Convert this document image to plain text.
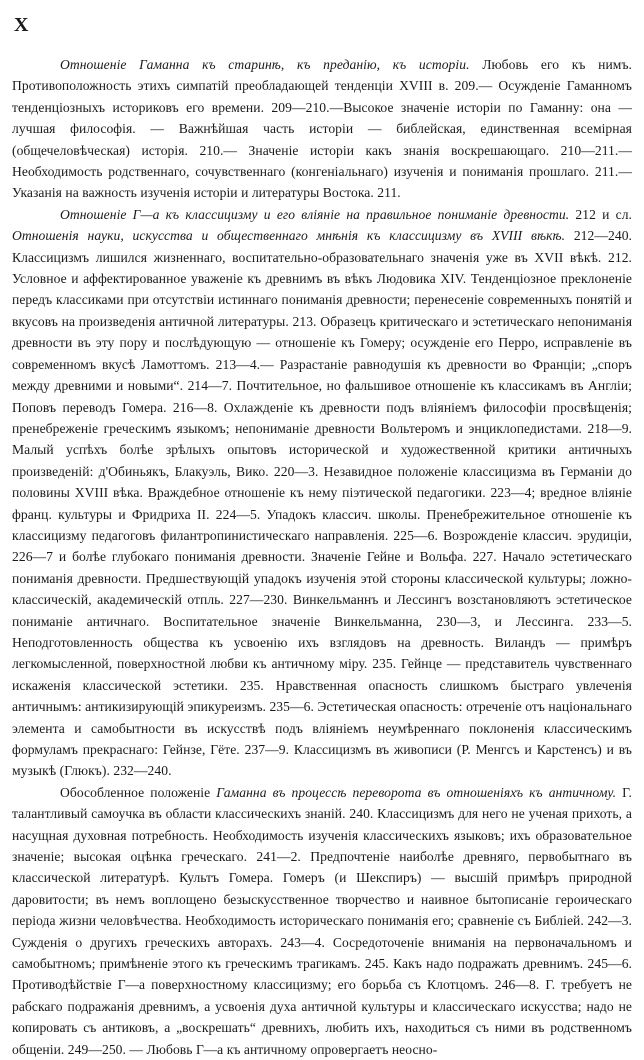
X

Отношеніе Гаманна къ старинѣ, къ преданію, къ исторіи. Любовь его къ нимъ. Противоположность этихъ симпатій преобладающей тенденціи XVIII в. 209.— Осужденіе Гаманномъ тенденціозныхъ историковъ его времени. 209—210.—Высокое значеніе исторіи по Гаманну: она — лучшая философія. — Важнѣйшая часть исторіи — библейская, единственная всемірная (общечеловѣческая) исторія. 210.— Значеніе исторіи какъ знанія воскрешающаго. 210—211.— Необходимость родственнаго, сочувственнаго (конгеніальнаго) изученія и пониманія прошлаго. 211.—Указанія на важность изученія исторіи и литературы Востока. 211.

Отношеніе Г—а къ классицизму и его вліяніе на правильное пониманіе древности. 212 и сл. Отношенія науки, искусства и общественнаго мнѣнія къ классицизму въ XVIII вѣкѣ. 212—240. Классицизмъ лишился жизненнаго, воспитательно-образовательнаго значенія уже въ XVII вѣкѣ. 212. Условное и аффектированное уваженіе къ древнимъ въ вѣкъ Людовика XIV. Тенденціозное преклоненіе передъ классиками при отсутствіи истиннаго пониманія древности; перенесеніе современныхъ понятій и вкусовъ на произведенія античной литературы. 213. Образецъ критическаго и эстетическаго непониманія древности въ эту пору и послѣдующую — отношеніе къ Гомеру; осужденіе его Перро, исправленіе въ современномъ вкусѣ Ламоттомъ. 213—4.— Разрастаніе равнодушія къ древности во Франціи; „споръ между древними и новыми“. 214—7. Почтительное, но фальшивое отношеніе къ классикамъ въ Англіи; Поповъ переводъ Гомера. 216—8. Охлажденіе къ древности подъ вліяніемъ философіи просвѣщенія; пренебреженіе греческимъ языкомъ; непониманіе древности Вольтеромъ и энциклопедистами. 218—9. Малый успѣхъ болѣе зрѣлыхъ опытовъ исторической и художественной критики античныхъ произведеній: д'Обиньякъ, Блакуэль, Вико. 220—3. Незавидное положеніе классицизма въ Германіи до половины XVIII вѣка. Враждебное отношеніе къ нему піэтической педагогики. 223—4; вредное вліяніе франц. культуры и Фридриха II. 224—5. Упадокъ классич. школы. Пренебрежительное отношеніе къ классицизму педагоговъ филантропинистическаго направленія. 225—6. Возрожденіе классич. эрудиціи, 226—7 и болѣе глубокаго пониманія древности. Значеніе Гейне и Вольфа. 227. Начало эстетическаго пониманія древности. Предшествующій упадокъ изученія этой стороны классической культуры; ложно-классическій, академическій отпль. 227—230. Винкельманнъ и Лессингъ возстановляютъ эстетическое пониманіе античнаго. Воспитательное значеніе Винкельманна, 230—3, и Лессинга. 233—5. Неподготовленность общества къ усвоенію ихъ взглядовъ на древность. Виландъ — примѣръ легкомысленной, поверхностной любви къ античному міру. 235. Гейнце — представитель чувственнаго искаженія классической эстетики. 235. Нравственная опасность слишкомъ быстраго увлеченія античнымъ: антикизирующій эпикуреизмъ. 235—6. Эстетическая опасность: отреченіе отъ національнаго элемента и самобытности въ искусствѣ подъ вліяніемъ неумѣреннаго поклоненія классическимъ формуламъ прекраснаго: Гейнзе, Гёте. 237—9. Классицизмъ въ живописи (Р. Менгсъ и Карстенсъ) и въ музыкѣ (Глюкъ). 232—240.

Обособленное положеніе Гаманна въ процессѣ переворота въ отношеніяхъ къ античному. Г. талантливый самоучка въ области классическихъ знаній. 240. Классицизмъ для него не ученая прихоть, а насущная духовная потребность. Необходимость изученія классическихъ языковъ; ихъ образовательное значеніе; высокая оцѣнка греческаго. 241—2. Предпочтеніе наиболѣе древняго, первобытнаго въ классической литературѣ. Культъ Гомера. Гомеръ (и Шекспиръ) — высшій примѣръ природной даровитости; въ немъ воплощено безыскусственное творчество и наивное бытописаніе героическаго періода жизни человѣчества. Необходимость историческаго пониманія его; сравненіе съ Библіей. 242—3. Сужденія о другихъ греческихъ авторахъ. 243—4. Сосредоточеніе вниманія на первоначальномъ и самобытномъ; примѣненіе этого къ греческимъ трагикамъ. 245. Какъ надо подражать древнимъ. 245—6. Противодѣйствіе Г—а поверхностному классицизму; его борьба съ Клотцомъ. 246—8. Г. требуетъ не рабскаго подражанія древнимъ, а усвоенія духа античной культуры и классическаго искусства; надо не копировать съ антиковъ, а „воскрешать“ древнихъ, любить ихъ, находиться съ ними въ родственномъ общеніи. 249—250. — Любовь Г—а къ античному опровергаетъ неосно-
